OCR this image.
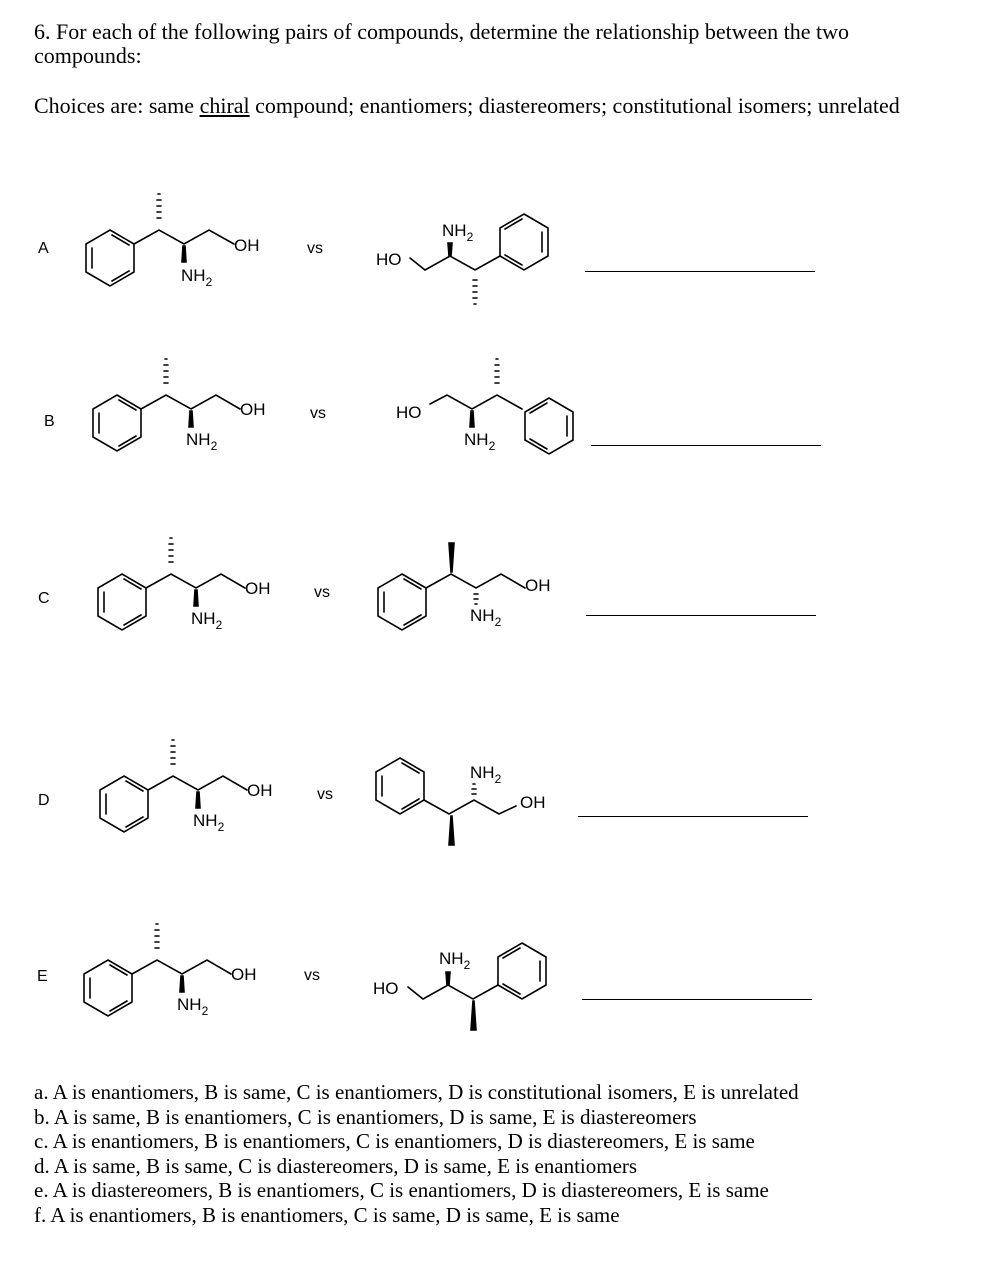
6. For each of the following pairs of compounds, determine the relationship between the two compounds:
Choices are: same chiral compound; enantiomers; diastereomers; constitutional isomers; unrelated
A
B
C
D
E
vs
vs
vs
vs
vs
OH
$NH_2$
HO
$NH_2$
OH
$NH_2$
HO
$NH_2$
OH
$NH_2$
OH
$NH_2$
OH
$NH_2$
OH
$NH_2$
OH
$NH_2$
HO
$NH_2$
a. A is enantiomers, B is same, C is enantiomers, D is constitutional isomers, E is unrelated
b. A is same, B is enantiomers, C is enantiomers, D is same, E is diastereomers
c. A is enantiomers, B is enantiomers, C is enantiomers, D is diastereomers, E is same
d. A is same, B is same, C is diastereomers, D is same, E is enantiomers
e. A is diastereomers, B is enantiomers, C is enantiomers, D is diastereomers, E is same
f. A is enantiomers, B is enantiomers, C is same, D is same, E is same
